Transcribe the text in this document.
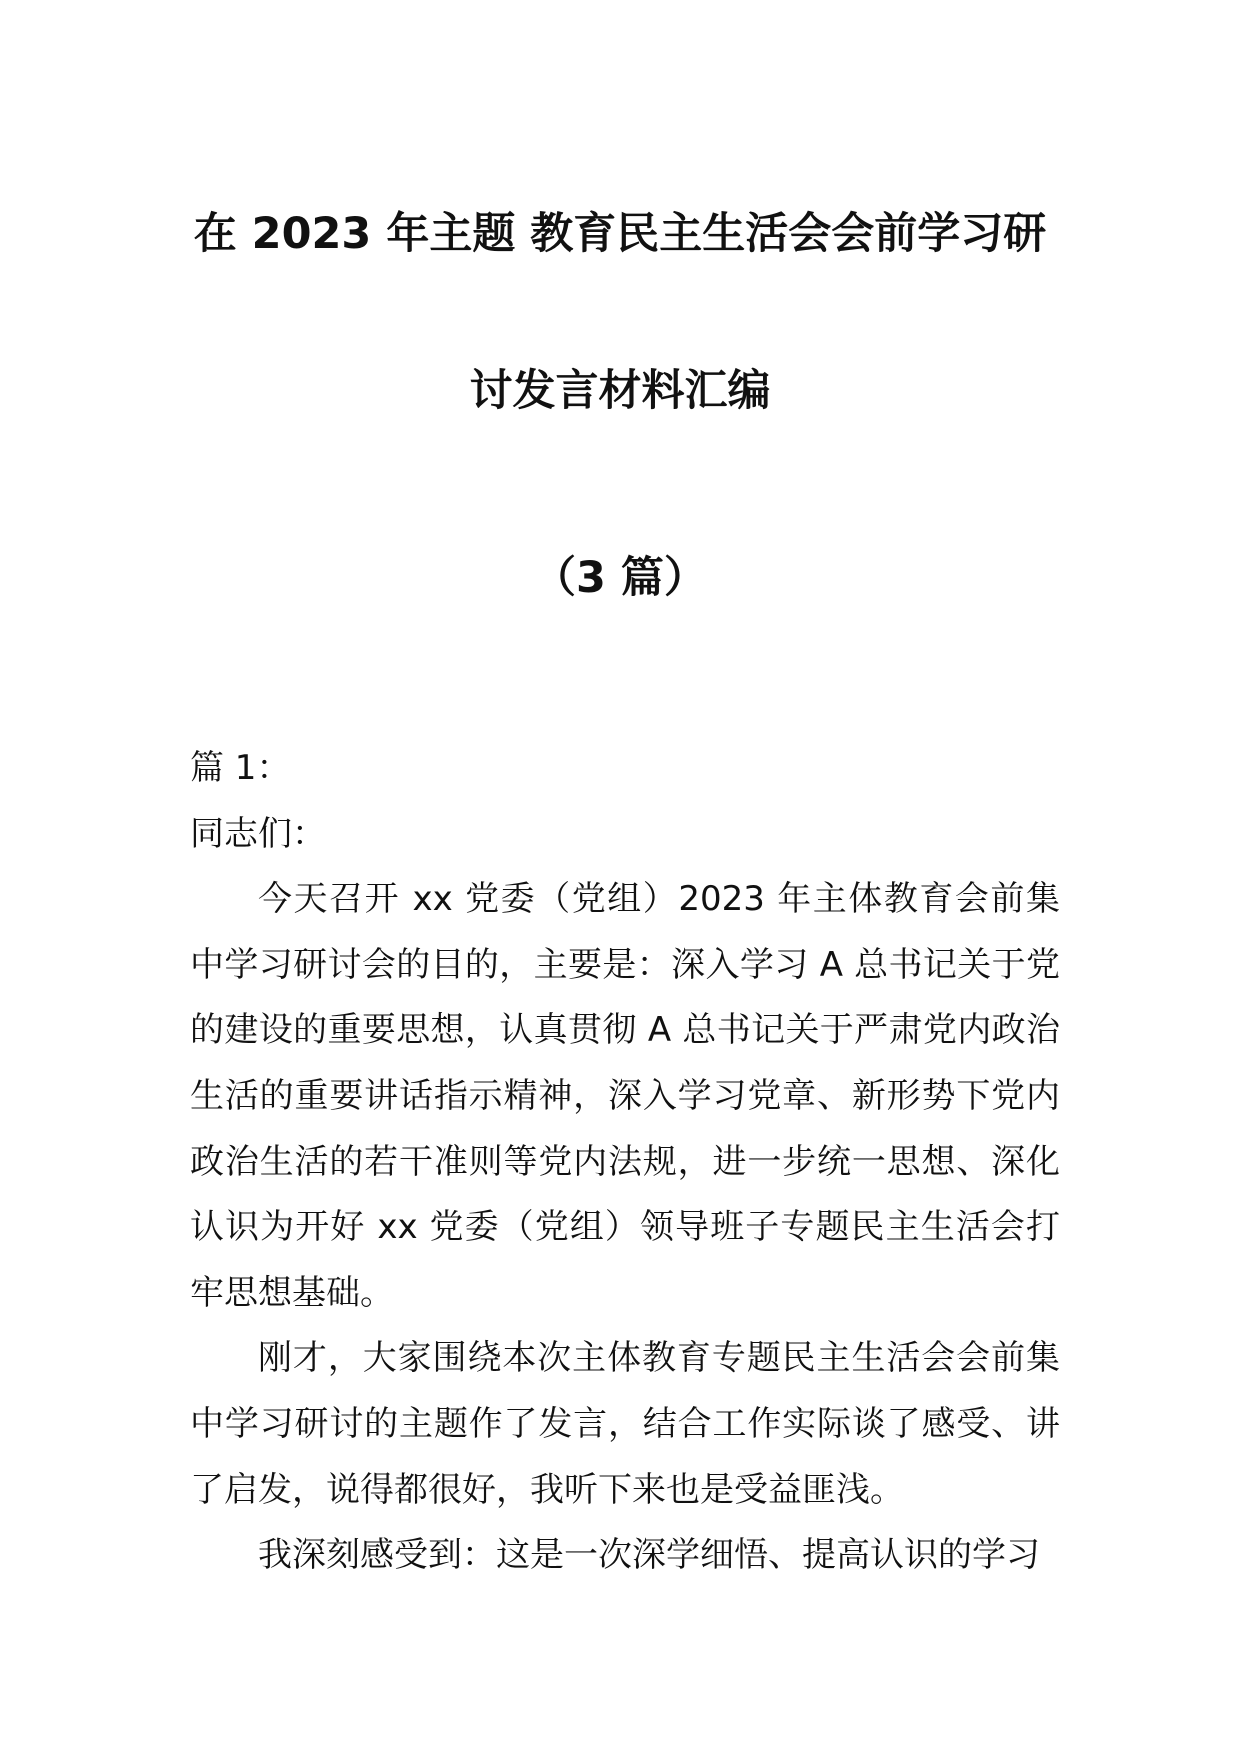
在 2023 年主题 教育民主生活会会前学习研
讨发言材料汇编
（3 篇）

篇 1：

同志们：

今天召开 xx 党委（党组）2023 年主体教育会前集中学习研讨会的目的，主要是：深入学习 A 总书记关于党的建设的重要思想，认真贯彻 A 总书记关于严肃党内政治生活的重要讲话指示精神，深入学习党章、新形势下党内政治生活的若干准则等党内法规，进一步统一思想、深化认识为开好 xx 党委（党组）领导班子专题民主生活会打牢思想基础。

刚才，大家围绕本次主体教育专题民主生活会会前集中学习研讨的主题作了发言，结合工作实际谈了感受、讲了启发，说得都很好，我听下来也是受益匪浅。

我深刻感受到：这是一次深学细悟、提高认识的学习
